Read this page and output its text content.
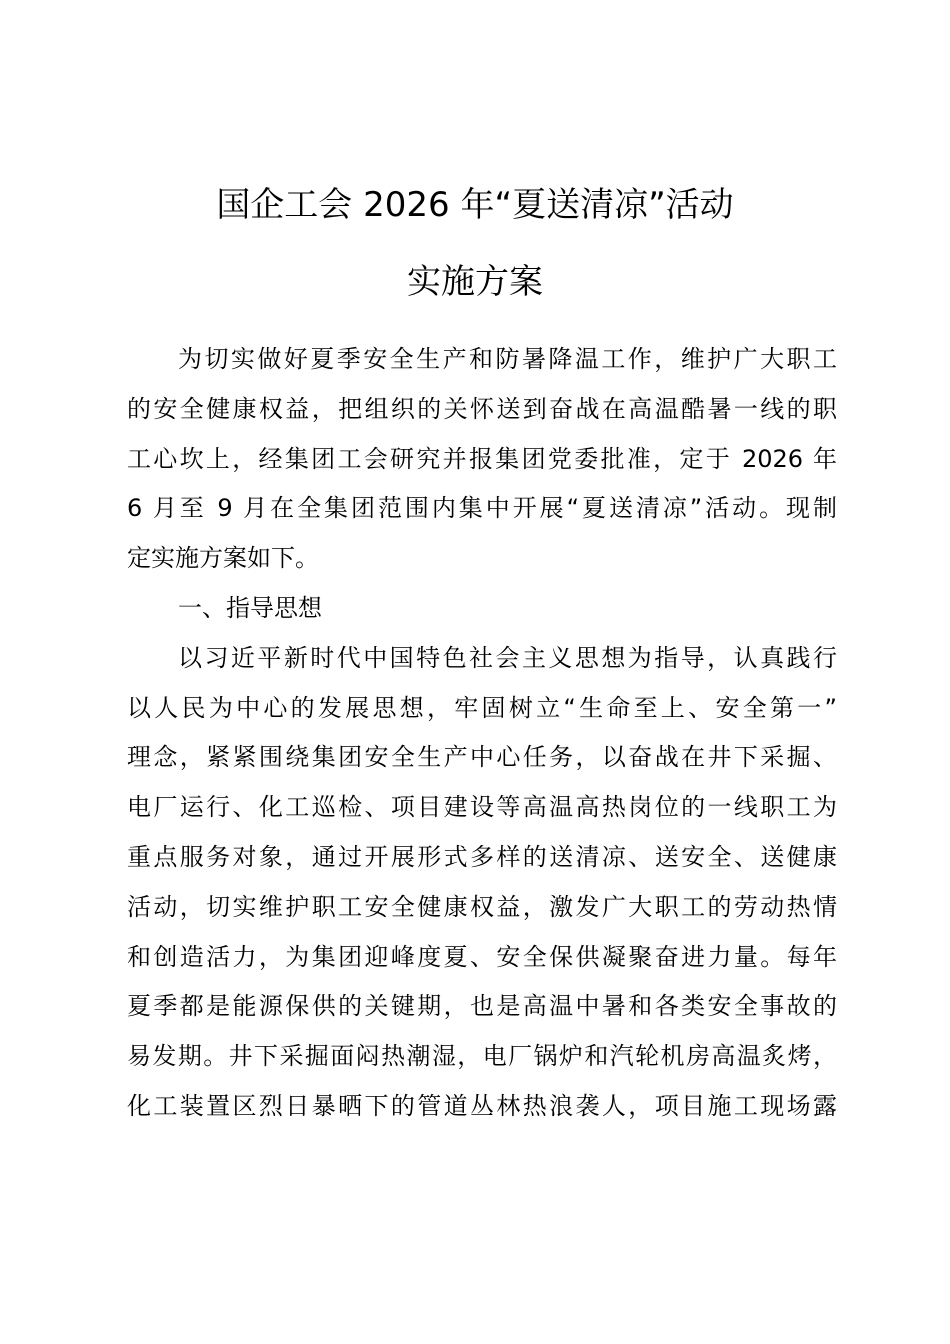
国企工会 2026 年“夏送清凉”活动
实施方案
为切实做好夏季安全生产和防暑降温工作，维护广大职工
的安全健康权益，把组织的关怀送到奋战在高温酷暑一线的职
工心坎上，经集团工会研究并报集团党委批准，定于 2026 年
6 月至 9 月在全集团范围内集中开展“夏送清凉”活动。现制
定实施方案如下。
一、指导思想
以习近平新时代中国特色社会主义思想为指导，认真践行
以人民为中心的发展思想，牢固树立“生命至上、安全第一”
理念，紧紧围绕集团安全生产中心任务，以奋战在井下采掘、
电厂运行、化工巡检、项目建设等高温高热岗位的一线职工为
重点服务对象，通过开展形式多样的送清凉、送安全、送健康
活动，切实维护职工安全健康权益，激发广大职工的劳动热情
和创造活力，为集团迎峰度夏、安全保供凝聚奋进力量。每年
夏季都是能源保供的关键期，也是高温中暑和各类安全事故的
易发期。井下采掘面闷热潮湿，电厂锅炉和汽轮机房高温炙烤，
化工装置区烈日暴晒下的管道丛林热浪袭人，项目施工现场露
